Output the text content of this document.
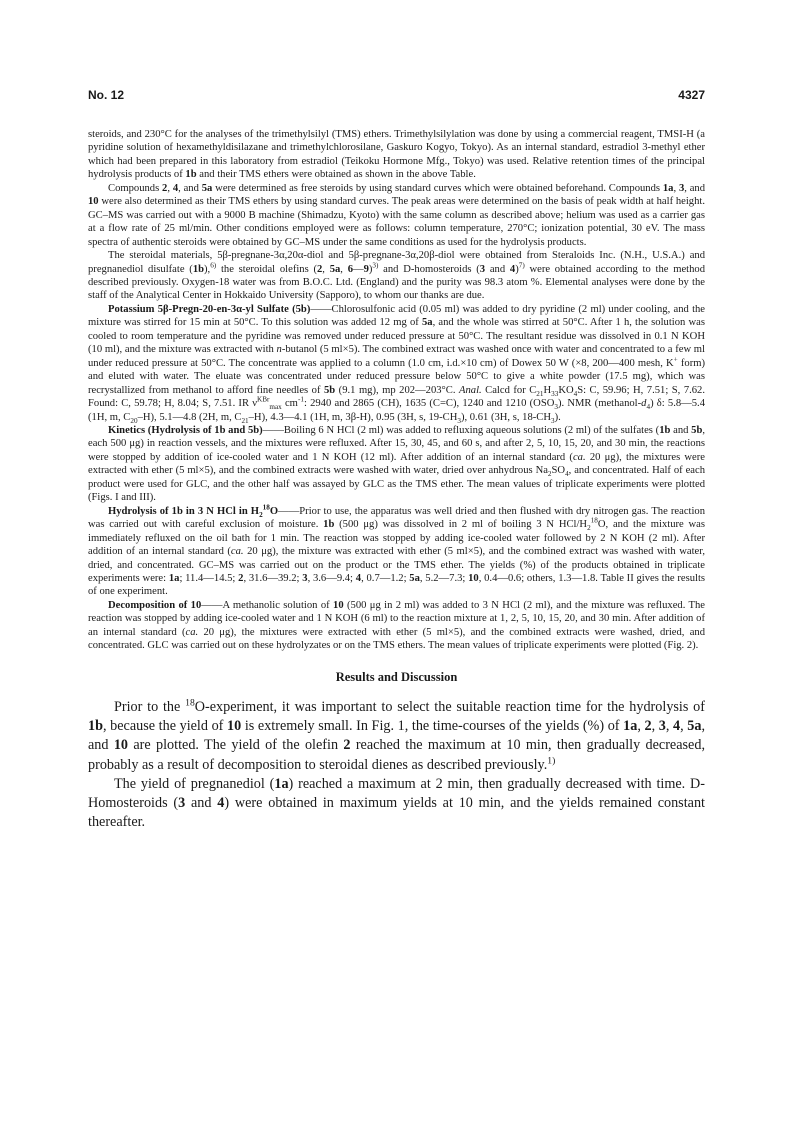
No. 12	4327

steroids, and 230°C for the analyses of the trimethylsilyl (TMS) ethers. Trimethylsilylation was done by using a commercial reagent, TMSI-H (a pyridine solution of hexamethyldisilazane and trimethylchlorosilane, Gaskuro Kogyo, Tokyo). As an internal standard, estradiol 3-methyl ether which had been prepared in this laboratory from estradiol (Teikoku Hormone Mfg., Tokyo) was used. Relative retention times of the principal hydrolysis products of 1b and their TMS ethers were obtained as shown in the above Table.

Compounds 2, 4, and 5a were determined as free steroids by using standard curves which were obtained beforehand. Compounds 1a, 3, and 10 were also determined as their TMS ethers by using standard curves. The peak areas were determined on the basis of peak width at half height. GC–MS was carried out with a 9000 B machine (Shimadzu, Kyoto) with the same column as described above; helium was used as a carrier gas at a flow rate of 25 ml/min. Other conditions employed were as follows: column temperature, 270°C; ionization potential, 30 eV. The mass spectra of authentic steroids were obtained by GC–MS under the same conditions as used for the hydrolysis products.

The steroidal materials, 5β-pregnane-3α,20α-diol and 5β-pregnane-3α,20β-diol were obtained from Steraloids Inc. (N.H., U.S.A.) and pregnanediol disulfate (1b),$^{6)}$ the steroidal olefins (2, 5a, 6—9)$^{3)}$ and D-homosteroids (3 and 4)$^{7)}$ were obtained according to the method described previously. Oxygen-18 water was from B.O.C. Ltd. (England) and the purity was 98.3 atom %. Elemental analyses were done by the staff of the Analytical Center in Hokkaido University (Sapporo), to whom our thanks are due.

Potassium 5β-Pregn-20-en-3α-yl Sulfate (5b)——Chlorosulfonic acid (0.05 ml) was added to dry pyridine (2 ml) under cooling, and the mixture was stirred for 15 min at 50°C. To this solution was added 12 mg of 5a, and the whole was stirred at 50°C. After 1 h, the solution was cooled to room temperature and the pyridine was removed under reduced pressure at 50°C. The resultant residue was dissolved in 0.1 N KOH (10 ml), and the mixture was extracted with n-butanol (5 ml×5). The combined extract was washed once with water and concentrated to a few ml under reduced pressure at 50°C. The concentrate was applied to a column (1.0 cm, i.d.×10 cm) of Dowex 50 W (×8, 200—400 mesh, K+ form) and eluted with water. The eluate was concentrated under reduced pressure below 50°C to give a white powder (17.5 mg), which was recrystallized from methanol to afford fine needles of 5b (9.1 mg), mp 202—203°C. Anal. Calcd for $C_{21}H_{33}KO_4S$: C, 59.96; H, 7.51; S, 7.62. Found: C, 59.78; H, 8.04; S, 7.51. IR $\nu^{KBr}_{max}$ $cm^{-1}$: 2940 and 2865 (CH), 1635 (C=C), 1240 and 1210 $(OSO_3)$. NMR $(methanol-d_4)$ δ: 5.8—5.4 (1H, m, $C_{20}-H$), 5.1—4.8 (2H, m, $C_{21}-H$), 4.3—4.1 (1H, m, 3β-H), 0.95 (3H, s, $19-CH_3$), 0.61 (3H, s, $18-CH_3$).

Kinetics (Hydrolysis of 1b and 5b)——Boiling 6 N HCl (2 ml) was added to refluxing aqueous solutions (2 ml) of the sulfates (1b and 5b, each 500 μg) in reaction vessels, and the mixtures were refluxed. After 15, 30, 45, and 60 s, and after 2, 5, 10, 15, 20, and 30 min, the reactions were stopped by addition of ice-cooled water and 1 N KOH (12 ml). After addition of an internal standard (ca. 20 μg), the mixtures were extracted with ether (5 ml×5), and the combined extracts were washed with water, dried over anhydrous $Na_2SO_4$, and concentrated. Half of each product were used for GLC, and the other half was assayed by GLC as the TMS ether. The mean values of triplicate experiments were plotted (Figs. I and III).

Hydrolysis of 1b in 3 N HCl in $H_2^{18}O——Prior$ to use, the apparatus was well dried and then flushed with dry nitrogen gas. The reaction was carried out with careful exclusion of moisture. 1b (500 μg) was dissolved in 2 ml of boiling 3 N HCl/$H_2^{18}O$, and the mixture was immediately refluxed on the oil bath for 1 min. The reaction was stopped by adding ice-cooled water followed by 2 N KOH (2 ml). After addition of an internal standard (ca. 20 μg), the mixture was extracted with ether (5 ml×5), and the combined extract was washed with water, dried, and concentrated. GC–MS was carried out on the product or the TMS ether. The yields (%) of the products obtained in triplicate experiments were: 1a; 11.4—14.5; 2, 31.6—39.2; 3, 3.6—9.4; 4, 0.7—1.2; 5a, 5.2—7.3; 10, 0.4—0.6; others, 1.3—1.8. Table II gives the results of one experiment.

Decomposition of 10——A methanolic solution of 10 (500 μg in 2 ml) was added to 3 N HCl (2 ml), and the mixture was refluxed. The reaction was stopped by adding ice-cooled water and 1 N KOH (6 ml) to the reaction mixture at 1, 2, 5, 10, 15, 20, and 30 min. After addition of an internal standard (ca. 20 μg), the mixtures were extracted with ether (5 ml×5), and the combined extracts were washed, dried, and concentrated. GLC was carried out on these hydrolyzates or on the TMS ethers. The mean values of triplicate experiments were plotted (Fig. 2).

Results and Discussion

Prior to the $^{18}$O-experiment, it was important to select the suitable reaction time for the hydrolysis of 1b, because the yield of 10 is extremely small. In Fig. 1, the time-courses of the yields (%) of 1a, 2, 3, 4, 5a, and 10 are plotted. The yield of the olefin 2 reached the maximum at 10 min, then gradually decreased, probably as a result of decomposition to steroidal dienes as described previously.$^{1)}$

The yield of pregnanediol (1a) reached a maximum at 2 min, then gradually decreased with time. D-Homosteroids (3 and 4) were obtained in maximum yields at 10 min, and the yields remained constant thereafter.
